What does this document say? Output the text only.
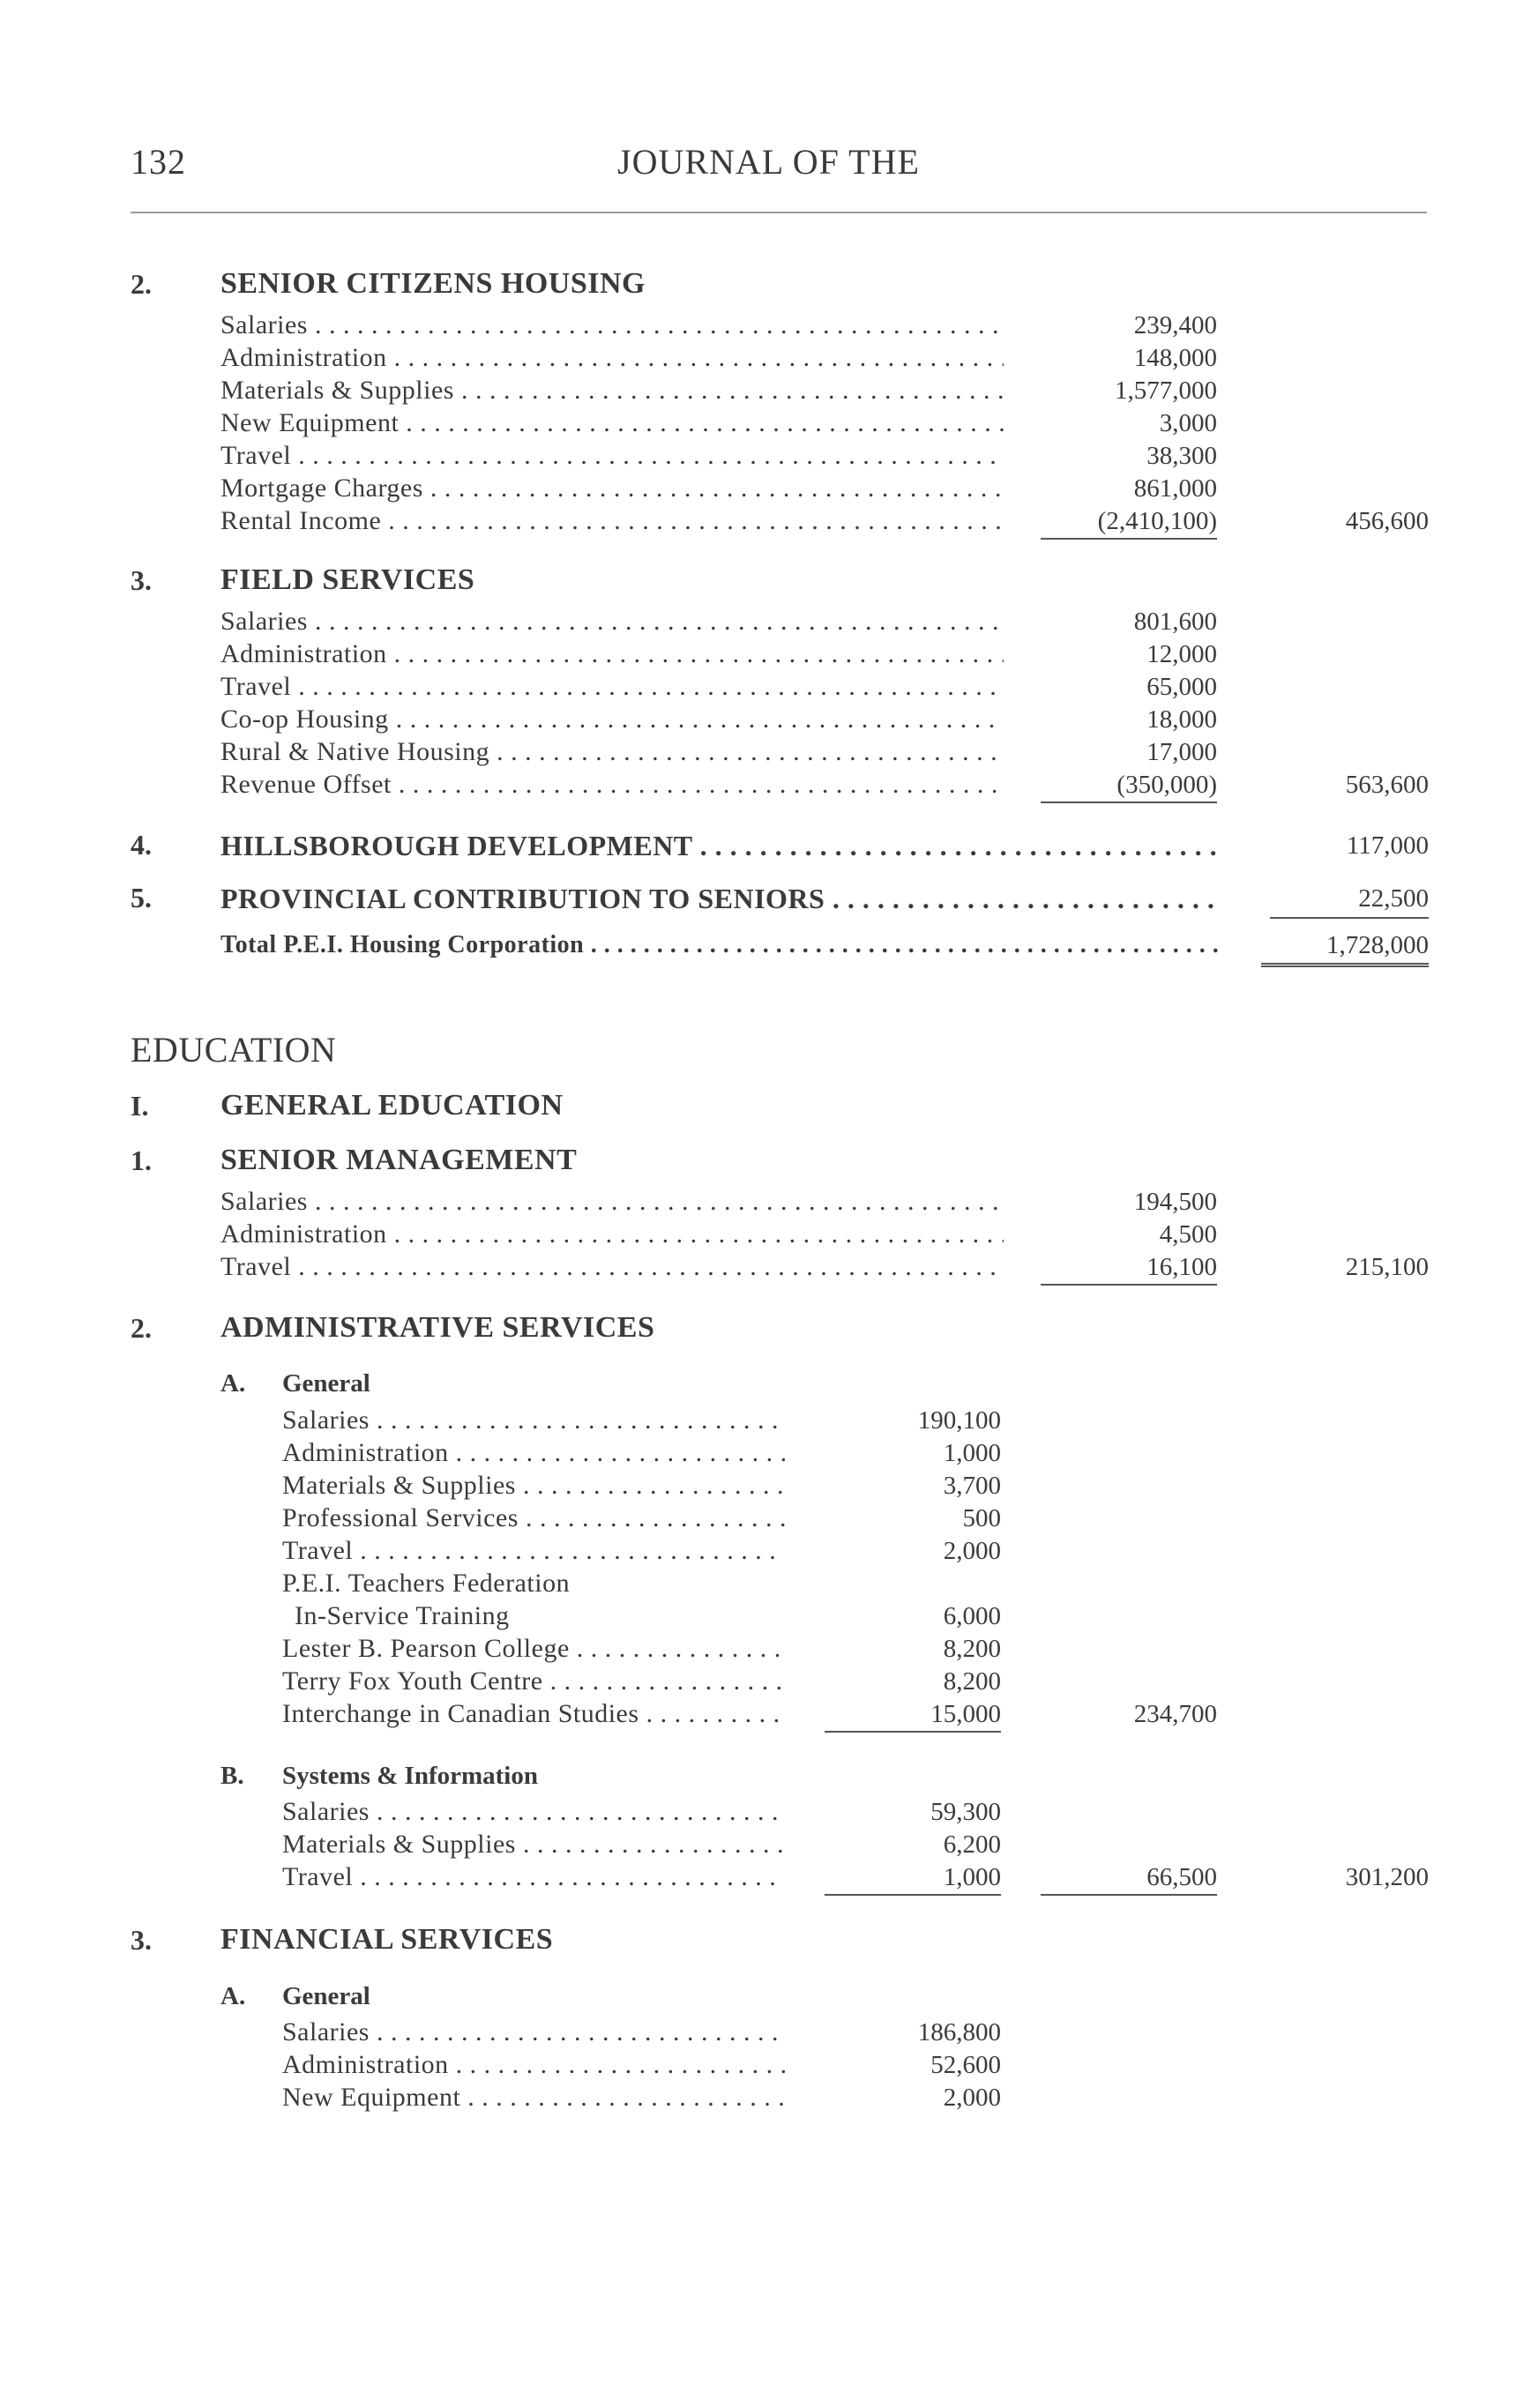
132	JOURNAL OF THE
2. SENIOR CITIZENS HOUSING
Salaries . . .	239,400
Administration . . .	148,000
Materials & Supplies . . .	1,577,000
New Equipment . . .	3,000
Travel . . .	38,300
Mortgage Charges . . .	861,000
Rental Income . . .	(2,410,100)	456,600
3. FIELD SERVICES
Salaries . . .	801,600
Administration . . .	12,000
Travel . . .	65,000
Co-op Housing . . .	18,000
Rural & Native Housing . . .	17,000
Revenue Offset . . .	(350,000)	563,600
4. HILLSBOROUGH DEVELOPMENT . . .	117,000
5. PROVINCIAL CONTRIBUTION TO SENIORS . . .	22,500
Total P.E.I. Housing Corporation . . .	1,728,000
EDUCATION
I. GENERAL EDUCATION
1. SENIOR MANAGEMENT
Salaries . . .	194,500
Administration . . .	4,500
Travel . . .	16,100	215,100
2. ADMINISTRATIVE SERVICES
A. General
Salaries . . .	190,100
Administration . . .	1,000
Materials & Supplies . . .	3,700
Professional Services . . .	500
Travel . . .	2,000
P.E.I. Teachers Federation
In-Service Training	6,000
Lester B. Pearson College . . .	8,200
Terry Fox Youth Centre . . .	8,200
Interchange in Canadian Studies . . .	15,000	234,700
B. Systems & Information
Salaries . . .	59,300
Materials & Supplies . . .	6,200
Travel . . .	1,000	66,500	301,200
3. FINANCIAL SERVICES
A. General
Salaries . . .	186,800
Administration . . .	52,600
New Equipment . . .	2,000
